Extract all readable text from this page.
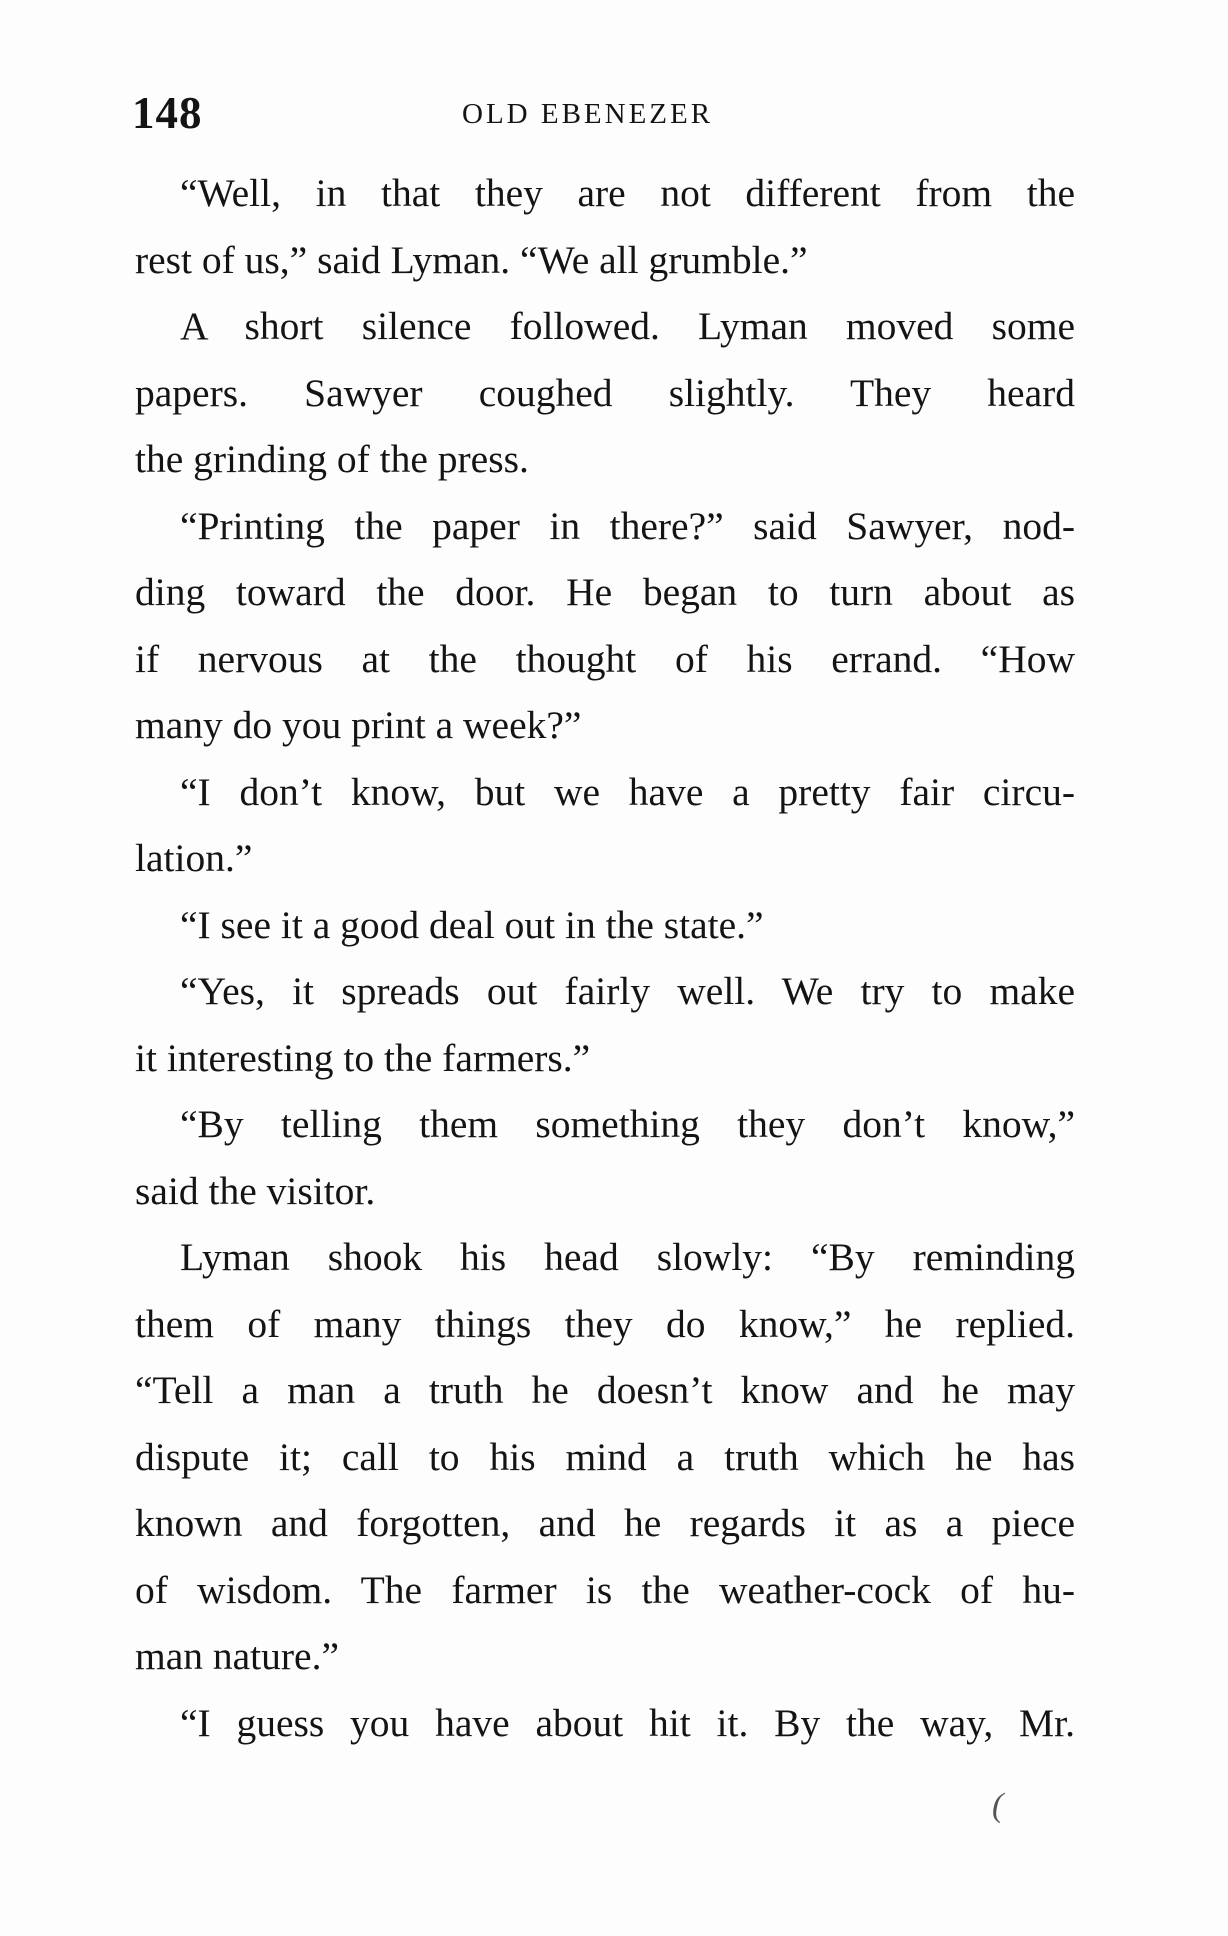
148	OLD EBENEZER
“Well, in that they are not different from the
rest of us,” said Lyman. “We all grumble.”
A short silence followed. Lyman moved some
papers. Sawyer coughed slightly. They heard
the grinding of the press.
“Printing the paper in there?” said Sawyer, nod-
ding toward the door. He began to turn about as
if nervous at the thought of his errand. “How
many do you print a week?”
“I don’t know, but we have a pretty fair circu-
lation.”
“I see it a good deal out in the state.”
“Yes, it spreads out fairly well. We try to make
it interesting to the farmers.”
“By telling them something they don’t know,”
said the visitor.
Lyman shook his head slowly: “By reminding
them of many things they do know,” he replied.
“Tell a man a truth he doesn’t know and he may
dispute it; call to his mind a truth which he has
known and forgotten, and he regards it as a piece
of wisdom. The farmer is the weather-cock of hu-
man nature.”
“I guess you have about hit it. By the way, Mr.
(
